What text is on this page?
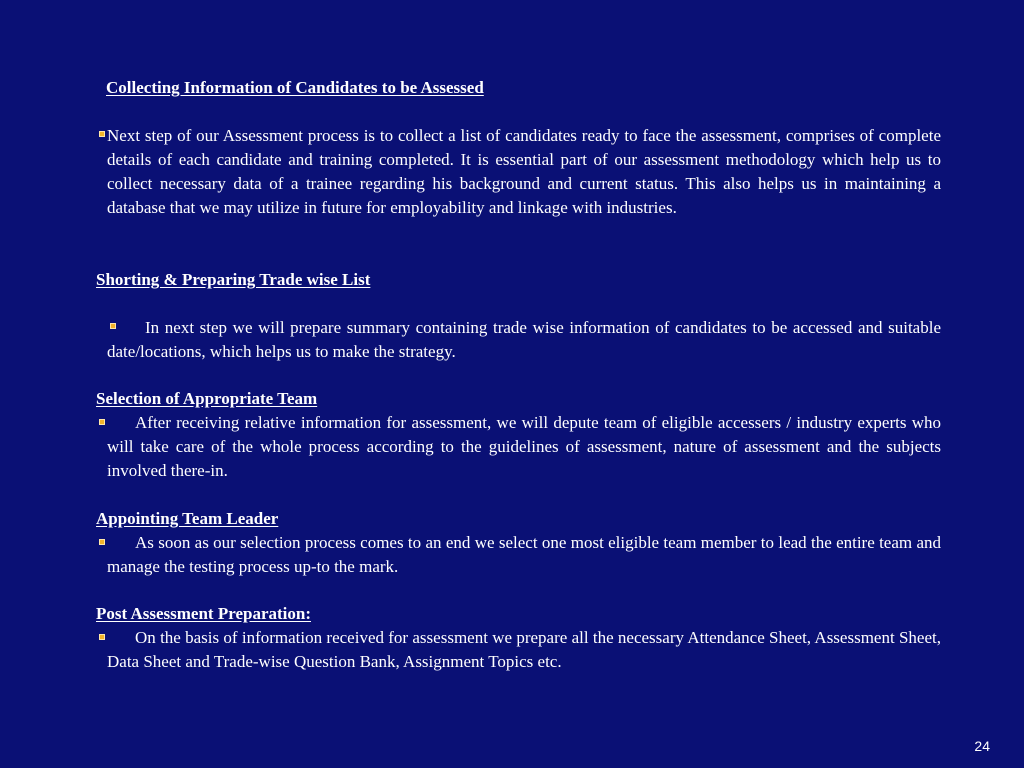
Collecting Information of Candidates to be Assessed
Next step of our Assessment process is to collect a list of candidates ready to face the assessment, comprises of complete details of each candidate and training completed. It is essential part of our assessment methodology which help us to collect necessary data of a trainee regarding his background and current status. This also helps us in maintaining a database that we may utilize in future for employability and linkage with industries.
Shorting & Preparing Trade wise List
In next step we will prepare summary containing trade wise information of candidates to be accessed and suitable date/locations, which helps us to make the strategy.
Selection of Appropriate Team
After receiving relative information for assessment, we will depute team of eligible accessers / industry experts who will take care of the whole process according to the guidelines of assessment, nature of assessment and the subjects involved there-in.
Appointing Team Leader
As soon as our selection process comes to an end we select one most eligible team member to lead the entire team and manage the testing process up-to the mark.
Post Assessment Preparation:
On the basis of information received for assessment we prepare all the necessary Attendance Sheet, Assessment Sheet, Data Sheet and Trade-wise Question Bank, Assignment Topics etc.
24
